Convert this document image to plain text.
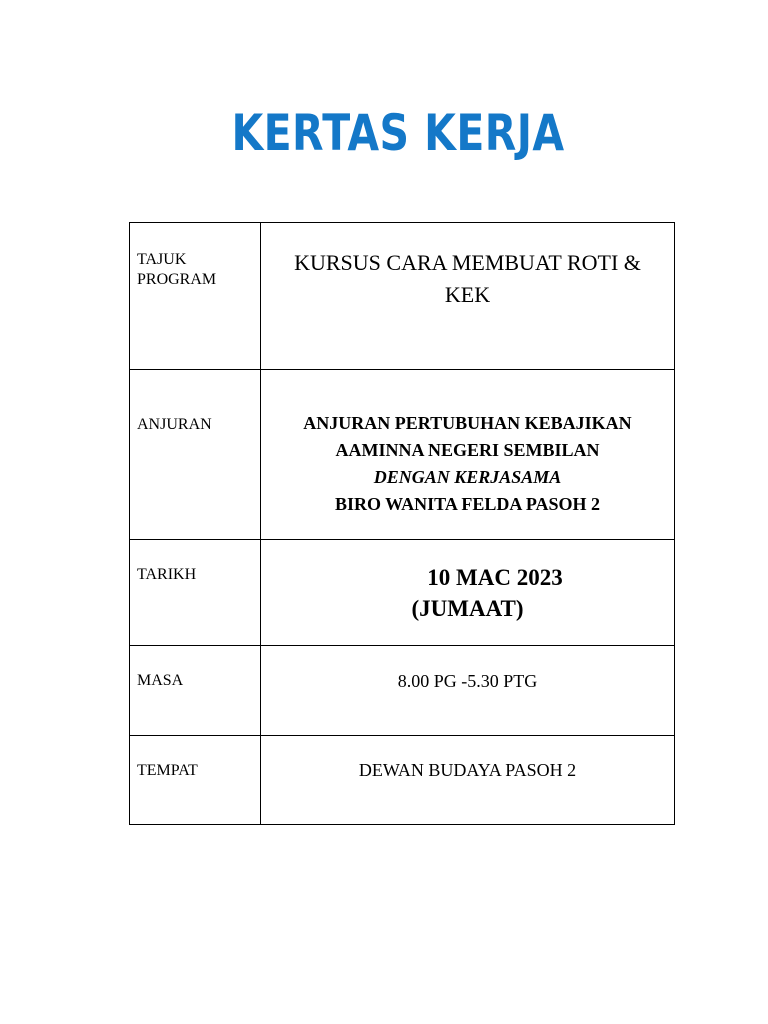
KERTAS KERJA
TAJUK
PROGRAM	KURSUS CARA MEMBUAT ROTI & KEK

ANJURAN	ANJURAN PERTUBUHAN KEBAJIKAN
AAMINNA NEGERI SEMBILAN
DENGAN KERJASAMA
BIRO WANITA FELDA PASOH 2

TARIKH	10 MAC 2023
(JUMAAT)

MASA	8.00 PG -5.30 PTG

TEMPAT	DEWAN BUDAYA PASOH 2
